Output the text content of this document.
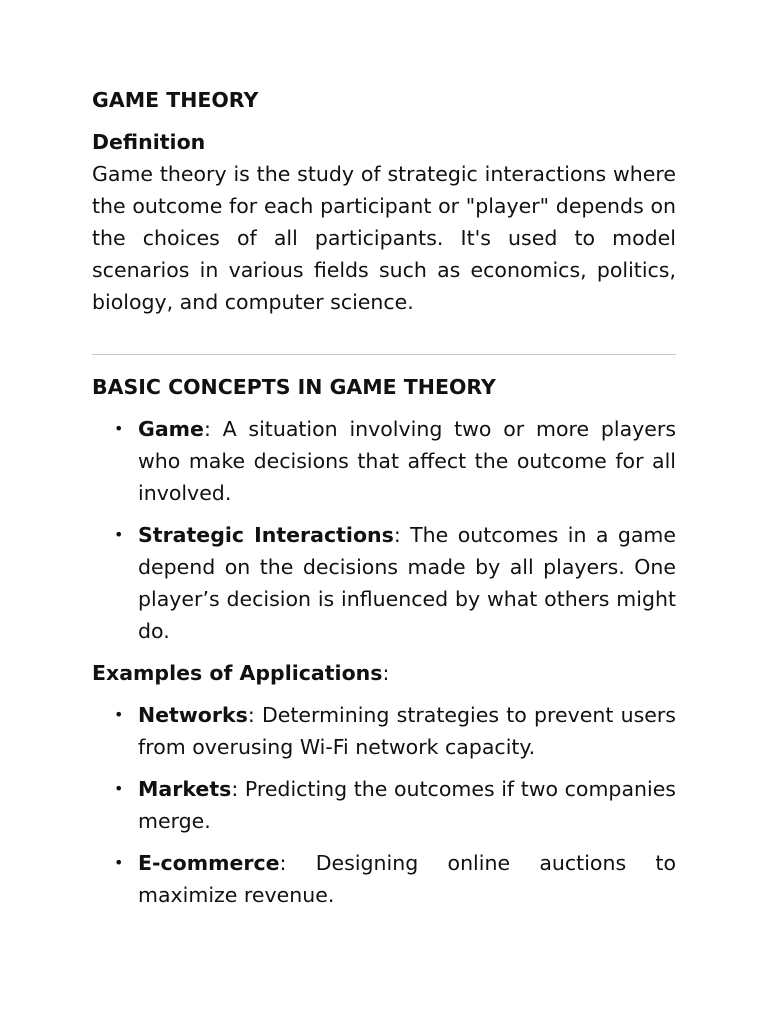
GAME THEORY
Definition

Game theory is the study of strategic interactions where the outcome for each participant or "player" depends on the choices of all participants. It's used to model scenarios in various fields such as economics, politics, biology, and computer science.

BASIC CONCEPTS IN GAME THEORY
• Game: A situation involving two or more players who make decisions that affect the outcome for all involved.
• Strategic Interactions: The outcomes in a game depend on the decisions made by all players. One player’s decision is influenced by what others might do.
Examples of Applications:
• Networks: Determining strategies to prevent users from overusing Wi-Fi network capacity.
• Markets: Predicting the outcomes if two companies merge.
• E-commerce: Designing online auctions to maximize revenue.
